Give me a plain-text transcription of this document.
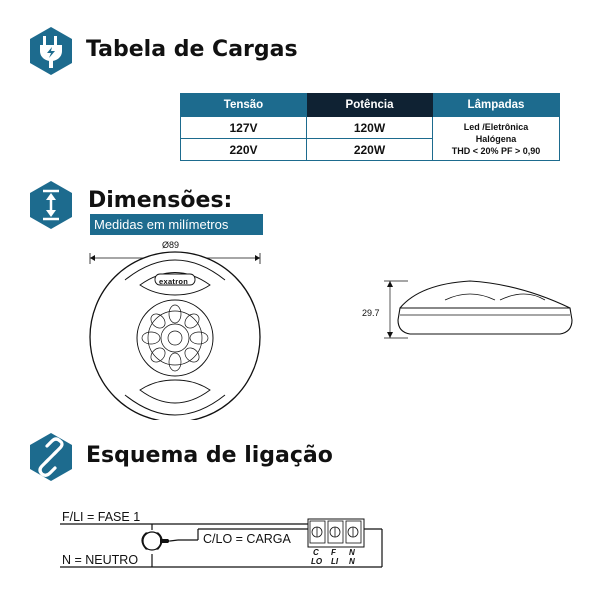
Tabela de Cargas
Tensão	Potência	Lâmpadas
127V	120W	Led /Eletrônica
Halógena
THD < 20% PF > 0,90

220V	220W	
Dimensões:
Medidas em milímetros
Ø89
exatron
29.7
Esquema de ligação
F/LI = FASE 1
N = NEUTRO
C/LO = CARGA
C F N
LO LI N
